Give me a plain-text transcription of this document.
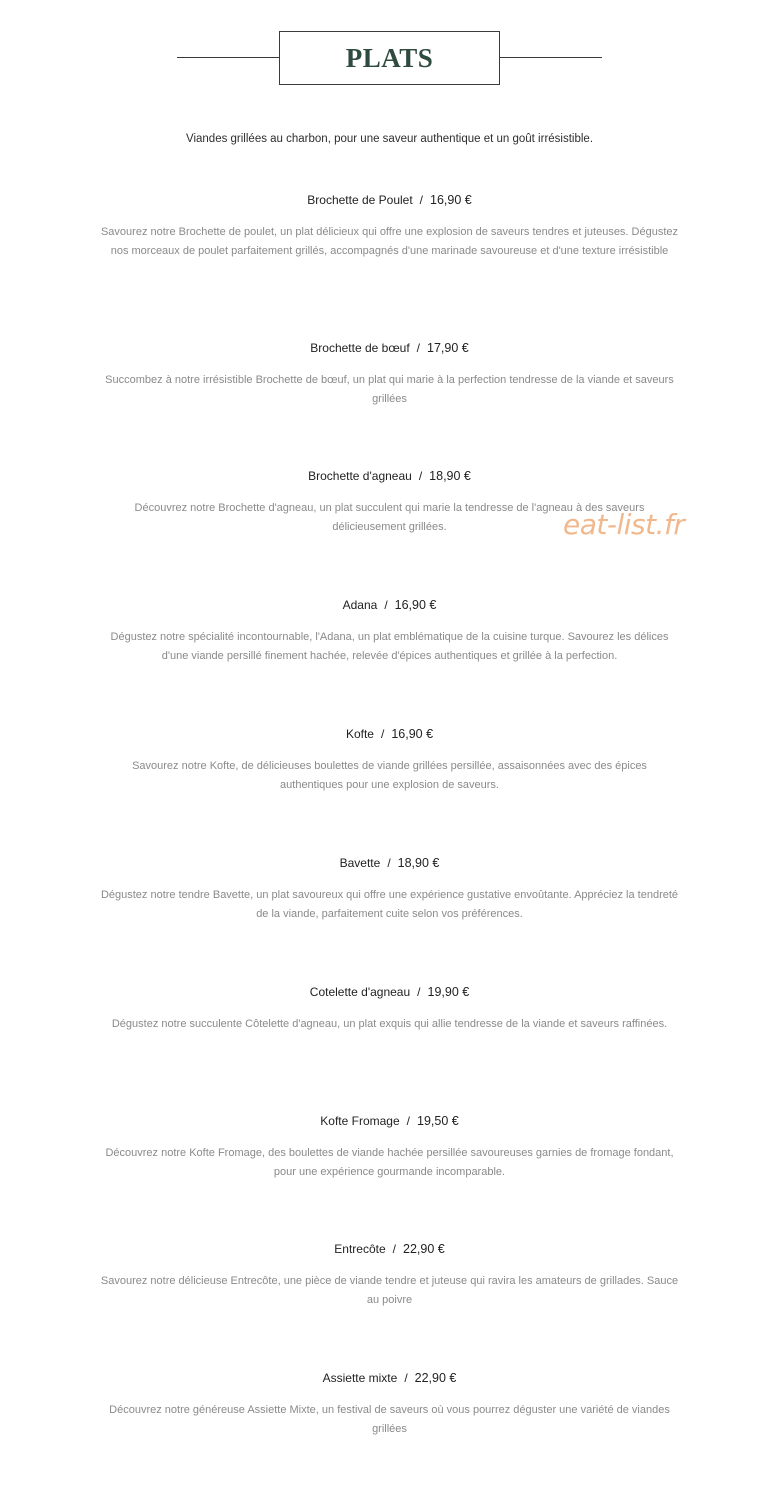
PLATS
Viandes grillées au charbon, pour une saveur authentique et un goût irrésistible.
Brochette de Poulet / 16,90 €
Savourez notre Brochette de poulet, un plat délicieux qui offre une explosion de saveurs tendres et juteuses. Dégustez nos morceaux de poulet parfaitement grillés, accompagnés d'une marinade savoureuse et d'une texture irrésistible
Brochette de bœuf / 17,90 €
Succombez à notre irrésistible Brochette de bœuf, un plat qui marie à la perfection tendresse de la viande et saveurs grillées
Brochette d'agneau / 18,90 €
Découvrez notre Brochette d'agneau, un plat succulent qui marie la tendresse de l'agneau à des saveurs délicieusement grillées.
Adana / 16,90 €
Dégustez notre spécialité incontournable, l'Adana, un plat emblématique de la cuisine turque. Savourez les délices d'une viande persillé finement hachée, relevée d'épices authentiques et grillée à la perfection.
Kofte / 16,90 €
Savourez notre Kofte, de délicieuses boulettes de viande grillées persillée, assaisonnées avec des épices authentiques pour une explosion de saveurs.
Bavette / 18,90 €
Dégustez notre tendre Bavette, un plat savoureux qui offre une expérience gustative envoûtante. Appréciez la tendreté de la viande, parfaitement cuite selon vos préférences.
Cotelette d'agneau / 19,90 €
Dégustez notre succulente Côtelette d'agneau, un plat exquis qui allie tendresse de la viande et saveurs raffinées.
Kofte Fromage / 19,50 €
Découvrez notre Kofte Fromage, des boulettes de viande hachée persillée savoureuses garnies de fromage fondant, pour une expérience gourmande incomparable.
Entrecôte / 22,90 €
Savourez notre délicieuse Entrecôte, une pièce de viande tendre et juteuse qui ravira les amateurs de grillades. Sauce au poivre
Assiette mixte / 22,90 €
Découvrez notre généreuse Assiette Mixte, un festival de saveurs où vous pourrez déguster une variété de viandes grillées
eat-list.fr
